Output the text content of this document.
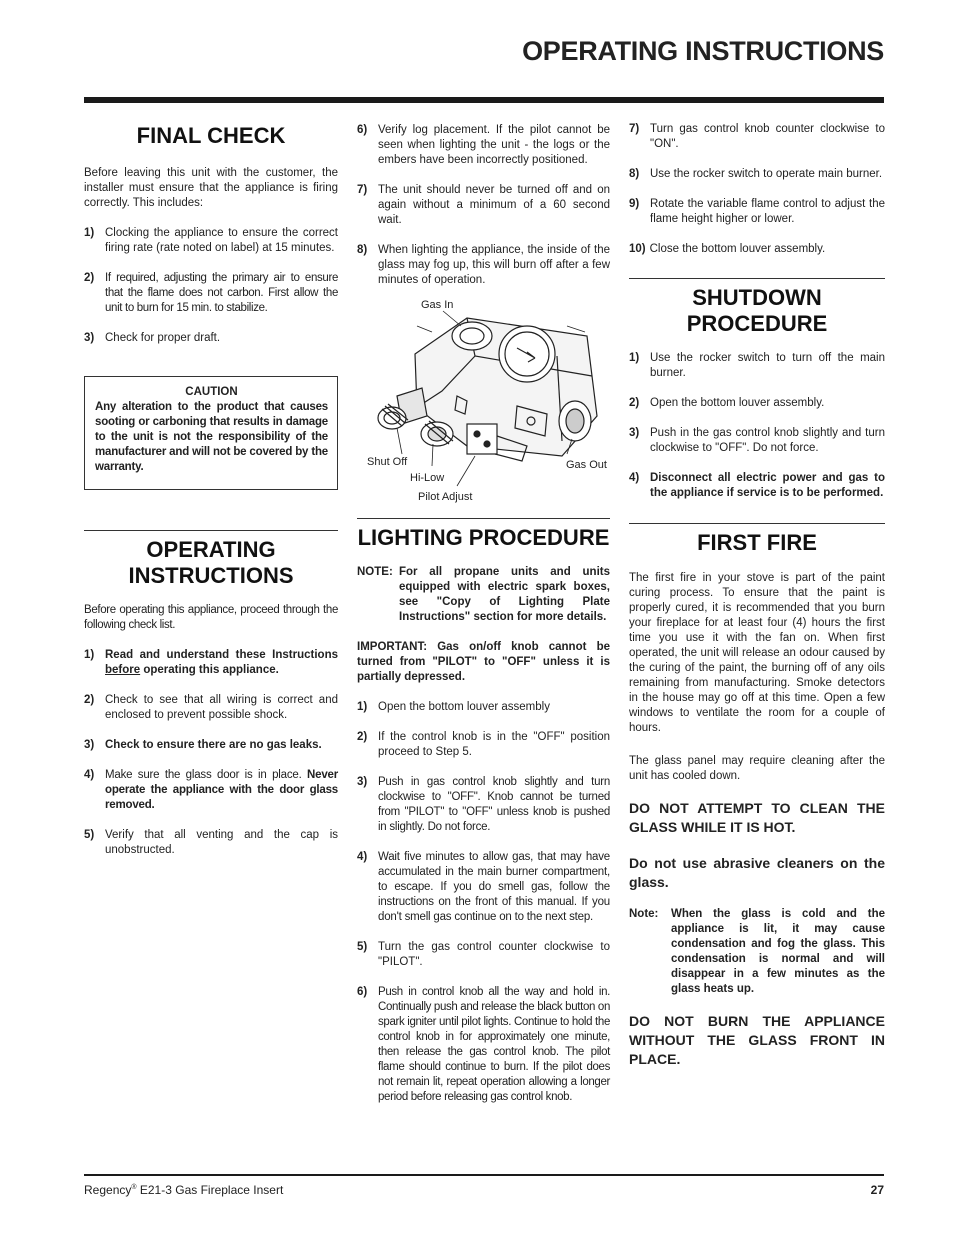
OPERATING INSTRUCTIONS
FINAL CHECK

Before leaving this unit with the customer, the installer must ensure that the appliance is firing correctly. This includes:

1) Clocking the appliance to ensure the correct firing rate (rate noted on label) at 15 minutes.
2) If required, adjusting the primary air to ensure that the flame does not carbon. First allow the unit to burn for 15 min. to stabilize.
3) Check for proper draft.
CAUTION
Any alteration to the product that causes sooting or carboning that results in damage to the unit is not the responsibility of the manufacturer and will not be covered by the warranty.
OPERATING
INSTRUCTIONS

Before operating this appliance, proceed through the following check list.

1) Read and understand these Instructions before operating this appliance.
2) Check to see that all wiring is correct and enclosed to prevent possible shock.
3) Check to ensure there are no gas leaks.
4) Make sure the glass door is in place. Never operate the appliance with the door glass removed.
5) Verify that all venting and the cap is unobstructed.
6) Verify log placement. If the pilot cannot be seen when lighting the unit - the logs or the embers have been incorrectly positioned.
7) The unit should never be turned off and on again without a minimum of a 60 second wait.
8) When lighting the appliance, the inside of the glass may fog up, this will burn off after a few minutes of operation.
Gas In
Shut Off
Hi-Low
Gas Out
Pilot Adjust
LIGHTING PROCEDURE
NOTE: For all propane units and units equipped with electric spark boxes, see "Copy of Lighting Plate Instructions" section for more details.

IMPORTANT: Gas on/off knob cannot be turned from "PILOT" to "OFF" unless it is partially depressed.

1) Open the bottom louver assembly
2) If the control knob is in the "OFF" position proceed to Step 5.
3) Push in gas control knob slightly and turn clockwise to "OFF". Knob cannot be turned from "PILOT" to "OFF" unless knob is pushed in slightly. Do not force.
4) Wait five minutes to allow gas, that may have accumulated in the main burner compartment, to escape. If you do smell gas, follow the instructions on the front of this manual. If you don't smell gas continue on to the next step.
5) Turn the gas control counter clockwise to "PILOT".
6) Push in control knob all the way and hold in. Continually push and release the black button on spark igniter until pilot lights. Continue to hold the control knob in for approximately one minute, then release the gas control knob. The pilot flame should continue to burn. If the pilot does not remain lit, repeat operation allowing a longer period before releasing gas control knob.
7) Turn gas control knob counter clockwise to "ON".
8) Use the rocker switch to operate main burner.
9) Rotate the variable flame control to adjust the flame height higher or lower.
10) Close the bottom louver assembly.
SHUTDOWN
PROCEDURE
1) Use the rocker switch to turn off the main burner.
2) Open the bottom louver assembly.
3) Push in the gas control knob slightly and turn clockwise to "OFF". Do not force.
4) Disconnect all electric power and gas to the appliance if service is to be performed.
FIRST FIRE

The first fire in your stove is part of the paint curing process. To ensure that the paint is properly cured, it is recommended that you burn your fireplace for at least four (4) hours the first time you use it with the fan on. When first operated, the unit will release an odour caused by the curing of the paint, the burning off of any oils remaining from manufacturing. Smoke detectors in the house may go off at this time. Open a few windows to ventilate the room for a couple of hours.

The glass panel may require cleaning after the unit has cooled down.

DO NOT ATTEMPT TO CLEAN THE GLASS WHILE IT IS HOT.

Do not use abrasive cleaners on the glass.

Note:	When the glass is cold and the appliance is lit, it may cause condensation and fog the glass. This condensation is normal and will disappear in a few minutes as the glass heats up.

DO NOT BURN THE APPLIANCE WITHOUT THE GLASS FRONT IN PLACE.

Regency® E21-3 Gas Fireplace Insert	27
